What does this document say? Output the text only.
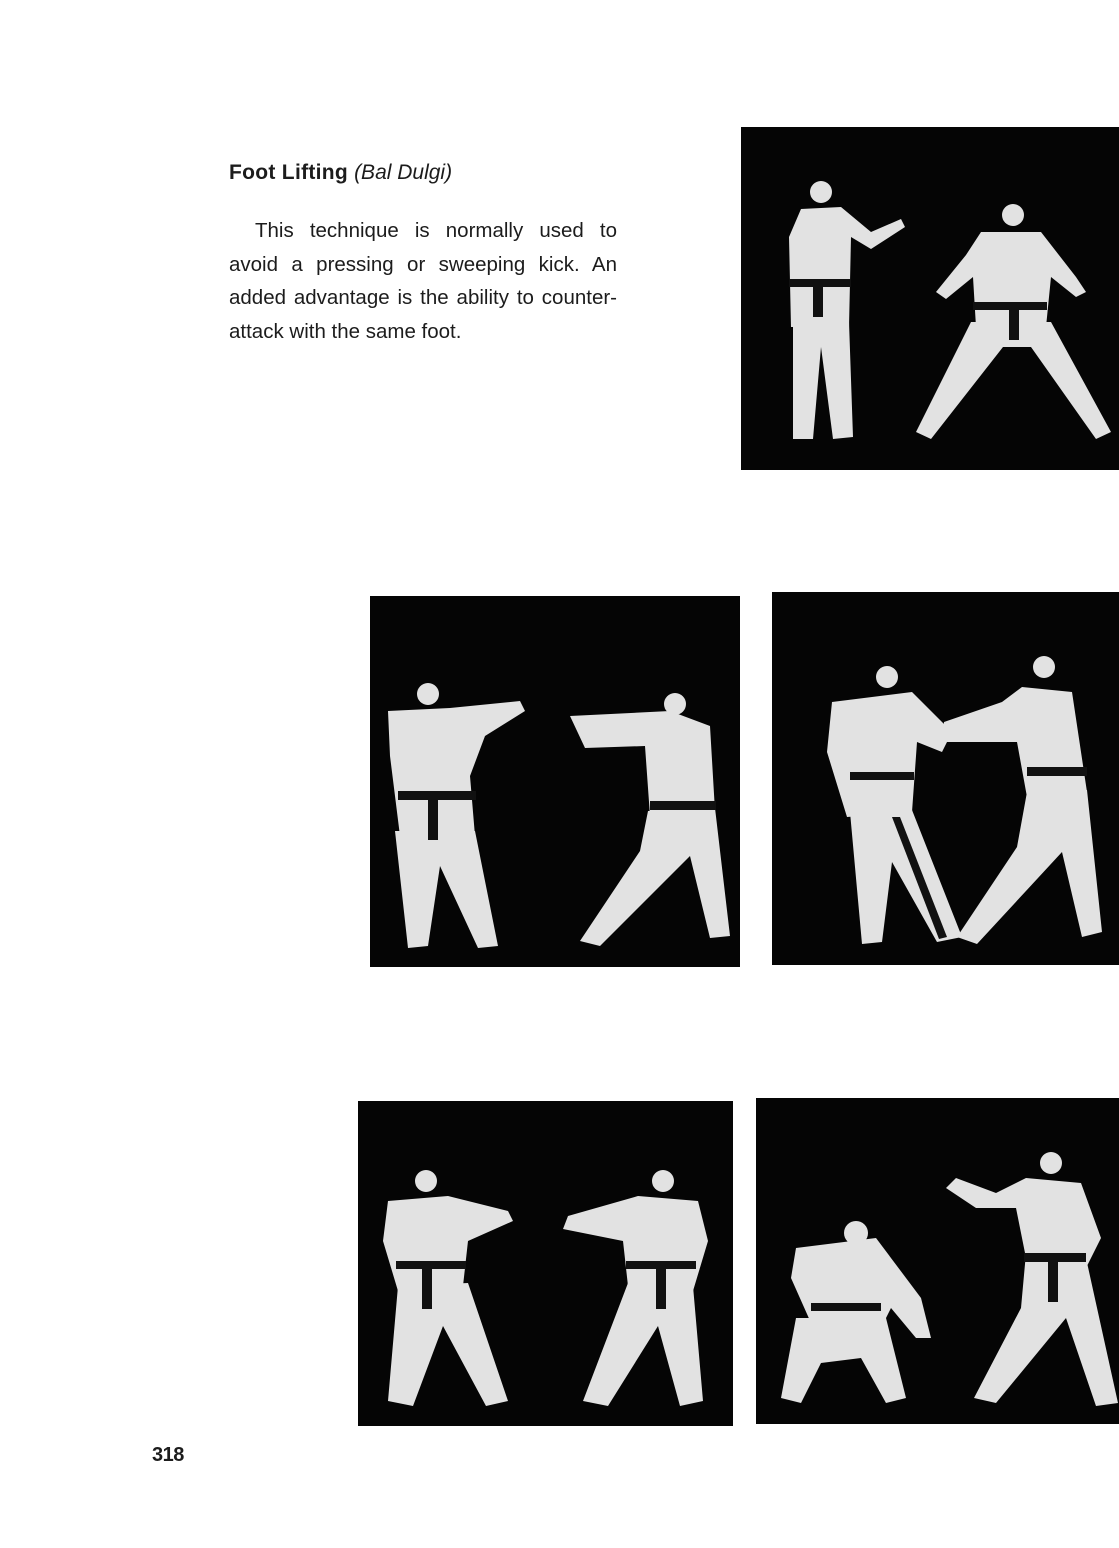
Foot Lifting (Bal Dulgi)

This technique is normally used to avoid a pressing or sweeping kick. An added advantage is the ability to counter-attack with the same foot.

318
